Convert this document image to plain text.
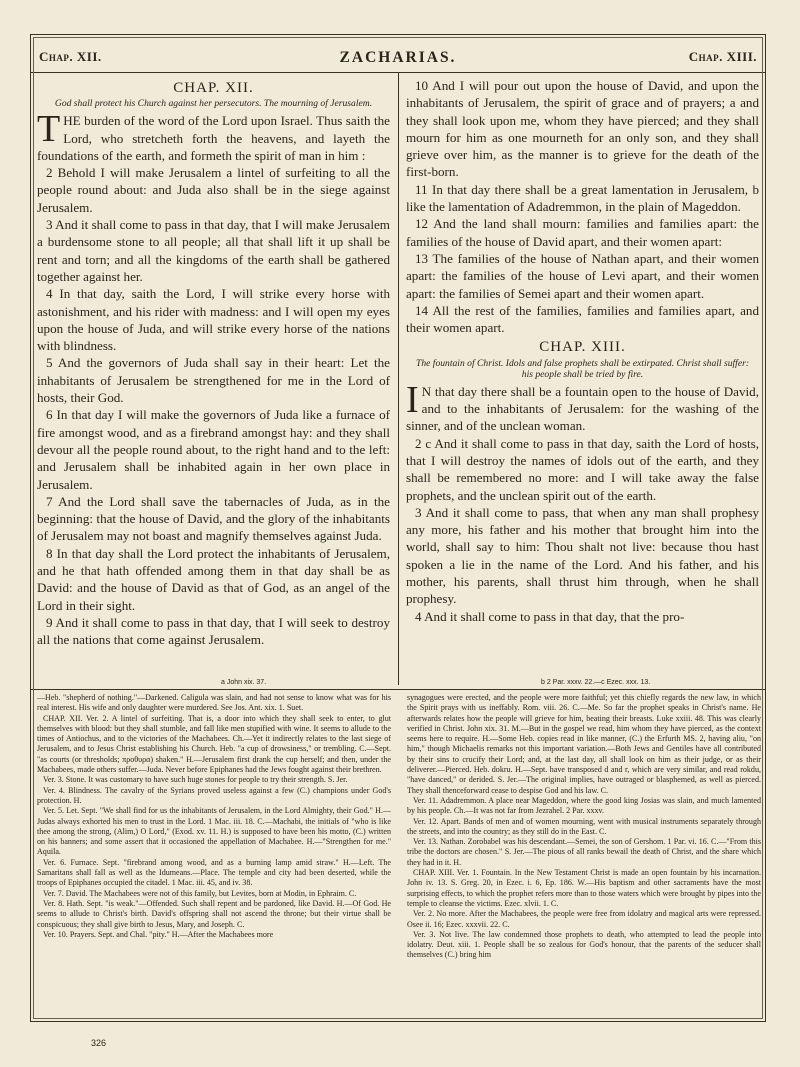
Chap. XII.	ZACHARIAS.	Chap. XIII.
CHAP. XII.
God shall protect his Church against her persecutors. The mourning of Jerusalem.

THE burden of the word of the Lord upon Israel. Thus saith the Lord, who stretcheth forth the heavens, and layeth the foundations of the earth, and formeth the spirit of man in him :

2 Behold I will make Jerusalem a lintel of surfeiting to all the people round about: and Juda also shall be in the siege against Jerusalem.

3 And it shall come to pass in that day, that I will make Jerusalem a burdensome stone to all people; all that shall lift it up shall be rent and torn; and all the kingdoms of the earth shall be gathered together against her.

4 In that day, saith the Lord, I will strike every horse with astonishment, and his rider with madness: and I will open my eyes upon the house of Juda, and will strike every horse of the nations with blindness.

5 And the governors of Juda shall say in their heart: Let the inhabitants of Jerusalem be strengthened for me in the Lord of hosts, their God.

6 In that day I will make the governors of Juda like a furnace of fire amongst wood, and as a firebrand amongst hay: and they shall devour all the people round about, to the right hand and to the left: and Jerusalem shall be inhabited again in her own place in Jerusalem.

7 And the Lord shall save the tabernacles of Juda, as in the beginning: that the house of David, and the glory of the inhabitants of Jerusalem may not boast and magnify themselves against Juda.

8 In that day shall the Lord protect the inhabitants of Jerusalem, and he that hath offended among them in that day shall be as David: and the house of David as that of God, as an angel of the Lord in their sight.

9 And it shall come to pass in that day, that I will seek to destroy all the nations that come against Jerusalem.

10 And I will pour out upon the house of David, and upon the inhabitants of Jerusalem, the spirit of grace and of prayers; a and they shall look upon me, whom they have pierced; and they shall mourn for him as one mourneth for an only son, and they shall grieve over him, as the manner is to grieve for the death of the first-born.

11 In that day there shall be a great lamentation in Jerusalem, b like the lamentation of Adadremmon, in the plain of Mageddon.

12 And the land shall mourn: families and families apart: the families of the house of David apart, and their women apart:

13 The families of the house of Nathan apart, and their women apart: the families of the house of Levi apart, and their women apart: the families of Semei apart and their women apart.

14 All the rest of the families, families and families apart, and their women apart.

CHAP. XIII.
The fountain of Christ. Idols and false prophets shall be extirpated. Christ shall suffer: his people shall be tried by fire.

I N that day there shall be a fountain open to the house of David, and to the inhabitants of Jerusalem: for the washing of the sinner, and of the unclean woman.

2 c And it shall come to pass in that day, saith the Lord of hosts, that I will destroy the names of idols out of the earth, and they shall be remembered no more: and I will take away the false prophets, and the unclean spirit out of the earth.

3 And it shall come to pass, that when any man shall prophesy any more, his father and his mother that brought him into the world, shall say to him: Thou shalt not live: because thou hast spoken a lie in the name of the Lord. And his father, and his mother, his parents, shall thrust him through, when he shall prophesy.

4 And it shall come to pass in that day, that the pro-

a John xix. 37.	b 2 Par. xxxv. 22.—c Ezec. xxx. 13.

—Heb. "shepherd of nothing."—Darkened. Caligula was slain, and had not sense to know what was for his real interest. His wife and only daughter were murdered. See Jos. Ant. xix. 1. Suet.

CHAP. XII. Ver. 2. A lintel of surfeiting. That is, a door into which they shall seek to enter, to glut themselves with blood: but they shall stumble, and fall like men stupified with wine. It seems to allude to the times of Antiochus, and to the victories of the Machabees. Ch.—Yet it indirectly relates to the last siege of Jerusalem, and to Jesus Christ establishing his Church. Heb. "a cup of drowsiness," or trembling. C.—Sept. "as courts (or thresholds; προθυρα) shaken." H.—Jerusalem first drank the cup herself; and then, under the Machabees, made others suffer.—Juda. Never before Epiphanes had the Jews fought against their brethren.

Ver. 3. Stone. It was customary to have such huge stones for people to try their strength. S. Jer.

Ver. 4. Blindness. The cavalry of the Syrians proved useless against a few (C.) champions under God's protection. H.

Ver. 5. Let. Sept. "We shall find for us the inhabitants of Jerusalem, in the Lord Almighty, their God." H.—Judas always exhorted his men to trust in the Lord. 1 Mac. iii. 18. C.—Machabi, the initials of "who is like thee among the strong, (Alim,) O Lord," (Exod. xv. 11. H.) is supposed to have been his motto, (C.) written on his banners; and some assert that it occasioned the appellation of Machabee. H.—"Strengthen for me." Aquila.

Ver. 6. Furnace. Sept. "firebrand among wood, and as a burning lamp amid straw." H.—Left. The Samaritans shall fall as well as the Idumeans.—Place. The temple and city had been deserted, while the troops of Epiphanes occupied the citadel. 1 Mac. iii. 45, and iv. 38.

Ver. 7. David. The Machabees were not of this family, but Levites, born at Modin, in Ephraim. C.

Ver. 8. Hath. Sept. "is weak."—Offended. Such shall repent and be pardoned, like David. H.—Of God. He seems to allude to Christ's birth. David's offspring shall not ascend the throne; but their virtue shall be conspicuous; they shall give birth to Jesus, Mary, and Joseph. C.

Ver. 10. Prayers. Sept. and Chal. "pity." H.—After the Machabees more

synagogues were erected, and the people were more faithful; yet this chiefly regards the new law, in which the Spirit prays with us ineffably. Rom. viii. 26. C.—Me. So far the prophet speaks in Christ's name. He afterwards relates how the people will grieve for him, beating their breasts. Luke xxiii. 48. This was clearly verified in Christ. John xix. 31. M.—But in the gospel we read, him whom they have pierced, as the context seems here to require. H.—Some Heb. copies read in like manner, (C.) the Erfurth MS. 2, having aliu, "on him," though Michaelis remarks not this important variation.—Both Jews and Gentiles have all contributed by their sins to crucify their Lord; and, at the last day, all shall look on him as their judge, or as their deliverer.—Pierced. Heb. dokru. H.—Sept. have transposed d and r, which are very similar, and read rokdu, "have danced," or derided. S. Jer.—The original implies, have outraged or blasphemed, as well as pierced. They shall thenceforward cease to despise God and his law. C.

Ver. 11. Adadremmon. A place near Mageddon, where the good king Josias was slain, and much lamented by his people. Ch.—It was not far from Jezrahel. 2 Par. xxxv.

Ver. 12. Apart. Bands of men and of women mourning, went with musical instruments separately through the streets, and into the country; as they still do in the East. C.

Ver. 13. Nathan. Zorobabel was his descendant.—Semei, the son of Gershom. 1 Par. vi. 16. C.—"From this tribe the doctors are chosen." S. Jer.—The pious of all ranks bewail the death of Christ, and the share which they had in it. H.

CHAP. XIII. Ver. 1. Fountain. In the New Testament Christ is made an open fountain by his incarnation. John iv. 13. S. Greg. 20, in Ezec. i. 6, Ep. 186. W.—His baptism and other sacraments have the most surprising effects, to which the prophet refers more than to those waters which were brought by pipes into the temple to cleanse the victims. Ezec. xlvii. 1. C.

Ver. 2. No more. After the Machabees, the people were free from idolatry and magical arts were repressed. Osee ii. 16; Ezec. xxxvii. 22. C.

Ver. 3. Not live. The law condemned those prophets to death, who attempted to lead the people into idolatry. Deut. xiii. 1. People shall be so zealous for God's honour, that the parents of the seducer shall themselves (C.) bring him

326
